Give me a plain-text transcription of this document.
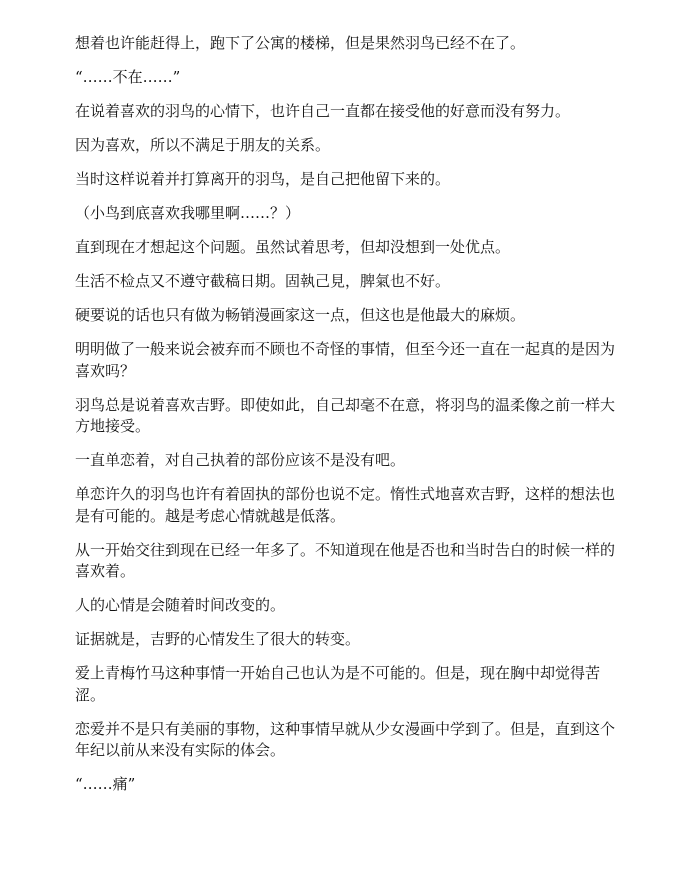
想着也许能赶得上，跑下了公寓的楼梯，但是果然羽鸟已经不在了。

“……不在……”

在说着喜欢的羽鸟的心情下，也许自己一直都在接受他的好意而没有努力。

因为喜欢，所以不满足于朋友的关系。

当时这样说着并打算离开的羽鸟，是自己把他留下来的。

（小鸟到底喜欢我哪里啊……？）

直到现在才想起这个问题。虽然试着思考，但却没想到一处优点。

生活不检点又不遵守截稿日期。固執己見，脾氣也不好。

硬要说的话也只有做为畅销漫画家这一点，但这也是他最大的麻烦。

明明做了一般来说会被弃而不顾也不奇怪的事情，但至今还一直在一起真的是因为喜欢吗？

羽鸟总是说着喜欢吉野。即使如此，自己却毫不在意，将羽鸟的温柔像之前一样大方地接受。

一直单恋着，对自己执着的部份应该不是没有吧。

单恋许久的羽鸟也许有着固执的部份也说不定。惰性式地喜欢吉野，这样的想法也是有可能的。越是考虑心情就越是低落。

从一开始交往到现在已经一年多了。不知道现在他是否也和当时告白的时候一样的喜欢着。

人的心情是会随着时间改变的。

证据就是，吉野的心情发生了很大的转变。

爱上青梅竹马这种事情一开始自己也认为是不可能的。但是，现在胸中却觉得苦涩。

恋爱并不是只有美丽的事物，这种事情早就从少女漫画中学到了。但是，直到这个年纪以前从来没有实际的体会。

“……痛”
